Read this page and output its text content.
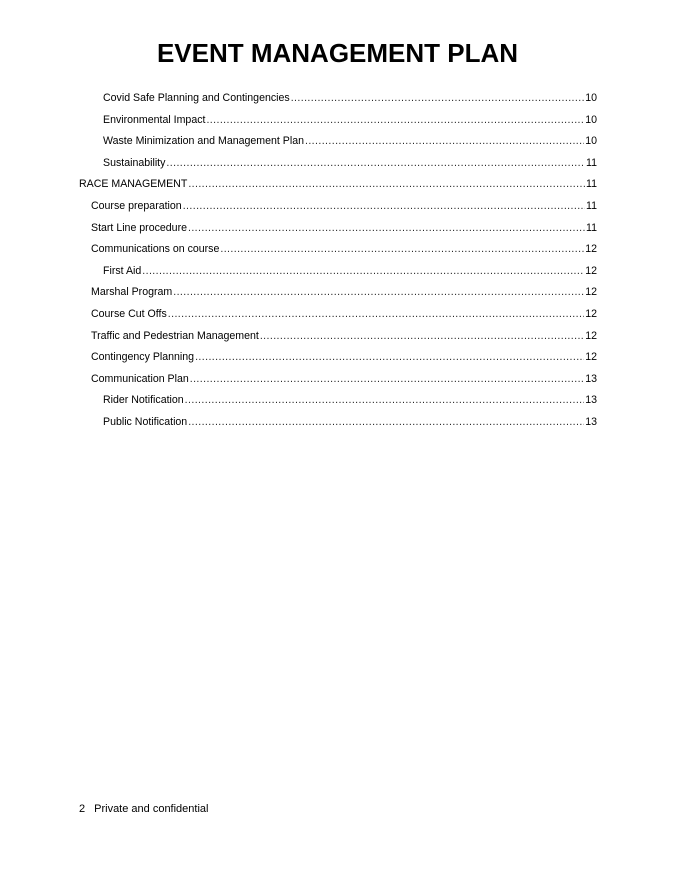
EVENT MANAGEMENT PLAN
Covid Safe Planning and Contingencies .....	10
Environmental Impact .....	10
Waste Minimization and Management Plan .....	10
Sustainability .....	11
RACE MANAGEMENT .....	11
Course preparation .....	11
Start Line procedure .....	11
Communications on course .....	12
First Aid .....	12
Marshal Program .....	12
Course Cut Offs .....	12
Traffic and Pedestrian Management .....	12
Contingency Planning .....	12
Communication Plan .....	13
Rider Notification .....	13
Public Notification .....	13
2 Private and confidential
